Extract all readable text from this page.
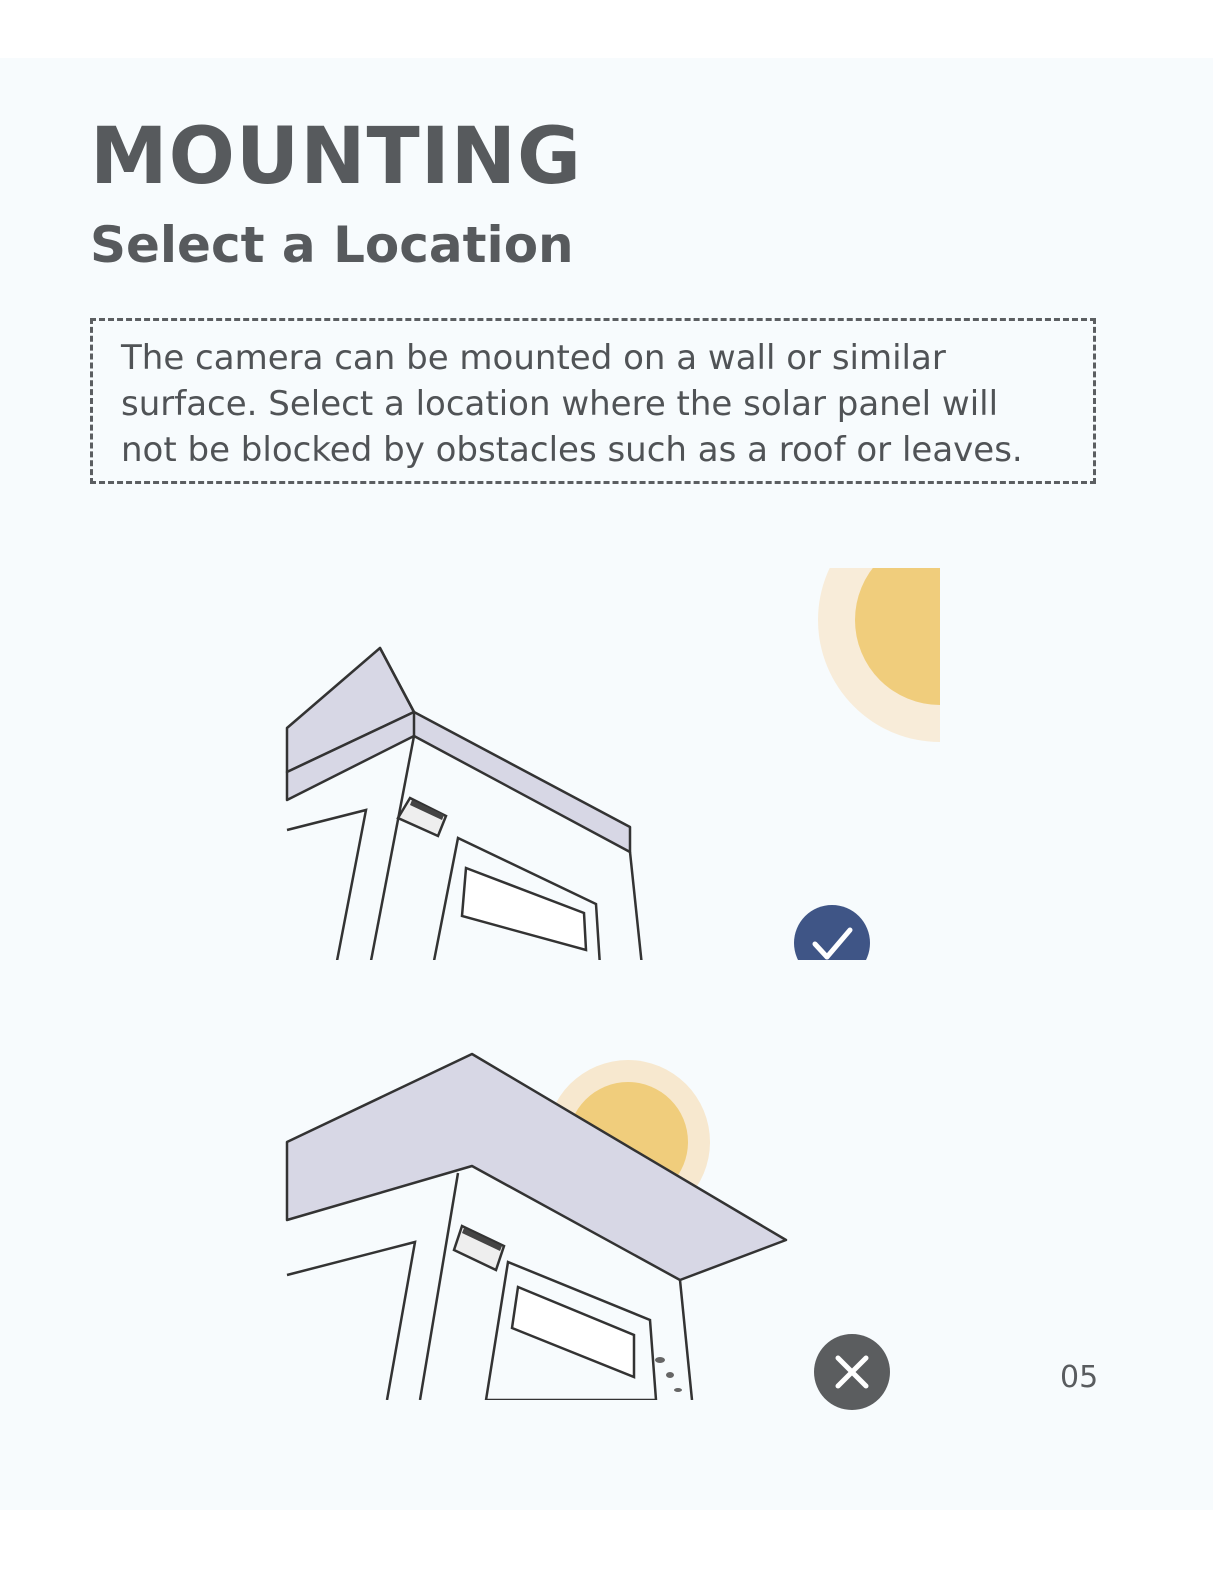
MOUNTING
Select a Location

The camera can be mounted on a wall or similar
surface. Select a location where the solar panel will
not be blocked by obstacles such as a roof or leaves.

05
